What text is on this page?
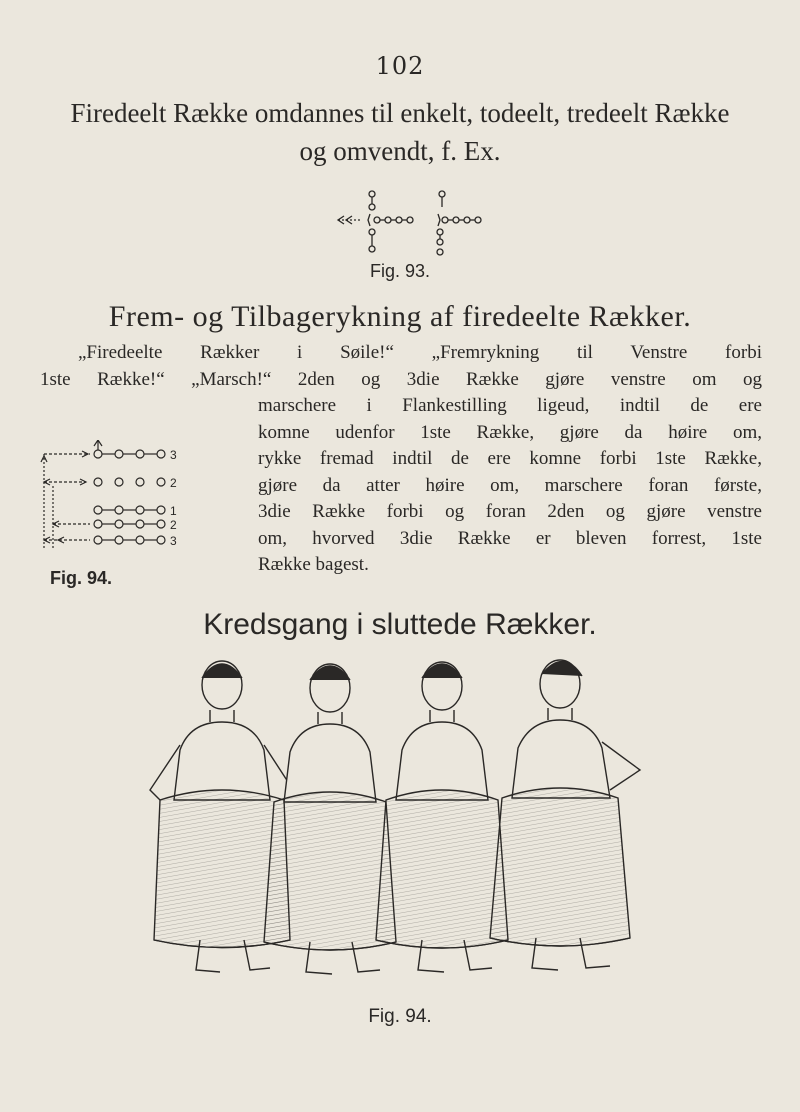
102
Firedeelt Række omdannes til enkelt, todeelt, tredeelt Række
og omvendt, f. Ex.
Fig. 93.
Frem- og Tilbagerykning af firedeelte Rækker.
„Firedeelte Rækker i Søile!“ „Fremrykning til Venstre forbi
1ste Række!“ „Marsch!“ 2den og 3die Række gjøre venstre om og
marschere i Flankestilling ligeud, indtil de ere
komne udenfor 1ste Række, gjøre da høire om,
rykke fremad indtil de ere komne forbi 1ste Række,
gjøre da atter høire om, marschere foran første,
3die Række forbi og foran 2den og gjøre venstre
om, hvorved 3die Række er bleven forrest, 1ste
Række bagest.
3
2
1
2
3
Fig. 94.
Kredsgang i sluttede Rækker.
Fig. 94.
